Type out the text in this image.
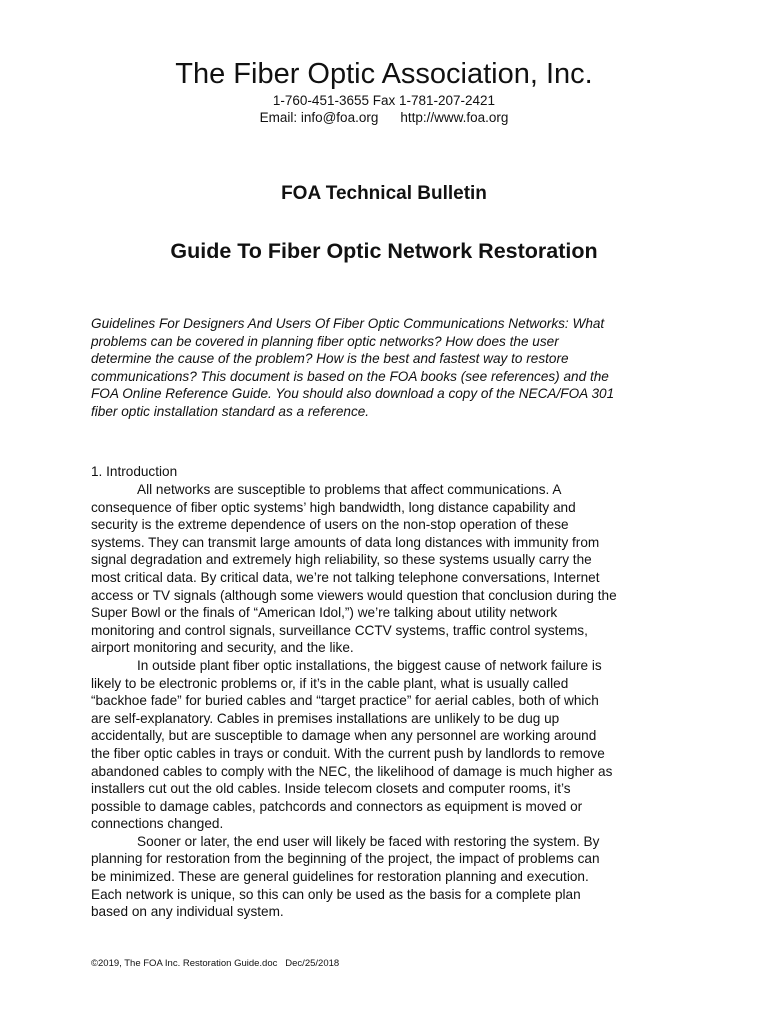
The Fiber Optic Association, Inc.
1-760-451-3655 Fax 1-781-207-2421
Email: info@foa.org http://www.foa.org
FOA Technical Bulletin
Guide To Fiber Optic Network Restoration
Guidelines For Designers And Users Of Fiber Optic Communications Networks: What
problems can be covered in planning fiber optic networks? How does the user
determine the cause of the problem? How is the best and fastest way to restore
communications? This document is based on the FOA books (see references) and the
FOA Online Reference Guide. You should also download a copy of the NECA/FOA 301
fiber optic installation standard as a reference.
1. Introduction
All networks are susceptible to problems that affect communications. A
consequence of fiber optic systems’ high bandwidth, long distance capability and
security is the extreme dependence of users on the non-stop operation of these
systems. They can transmit large amounts of data long distances with immunity from
signal degradation and extremely high reliability, so these systems usually carry the
most critical data. By critical data, we’re not talking telephone conversations, Internet
access or TV signals (although some viewers would question that conclusion during the
Super Bowl or the finals of “American Idol,”) we’re talking about utility network
monitoring and control signals, surveillance CCTV systems, traffic control systems,
airport monitoring and security, and the like.
In outside plant fiber optic installations, the biggest cause of network failure is
likely to be electronic problems or, if it’s in the cable plant, what is usually called
“backhoe fade” for buried cables and “target practice” for aerial cables, both of which
are self-explanatory. Cables in premises installations are unlikely to be dug up
accidentally, but are susceptible to damage when any personnel are working around
the fiber optic cables in trays or conduit. With the current push by landlords to remove
abandoned cables to comply with the NEC, the likelihood of damage is much higher as
installers cut out the old cables. Inside telecom closets and computer rooms, it’s
possible to damage cables, patchcords and connectors as equipment is moved or
connections changed.
Sooner or later, the end user will likely be faced with restoring the system. By
planning for restoration from the beginning of the project, the impact of problems can
be minimized. These are general guidelines for restoration planning and execution.
Each network is unique, so this can only be used as the basis for a complete plan
based on any individual system.
©2019, The FOA Inc. Restoration Guide.doc   Dec/25/2018
